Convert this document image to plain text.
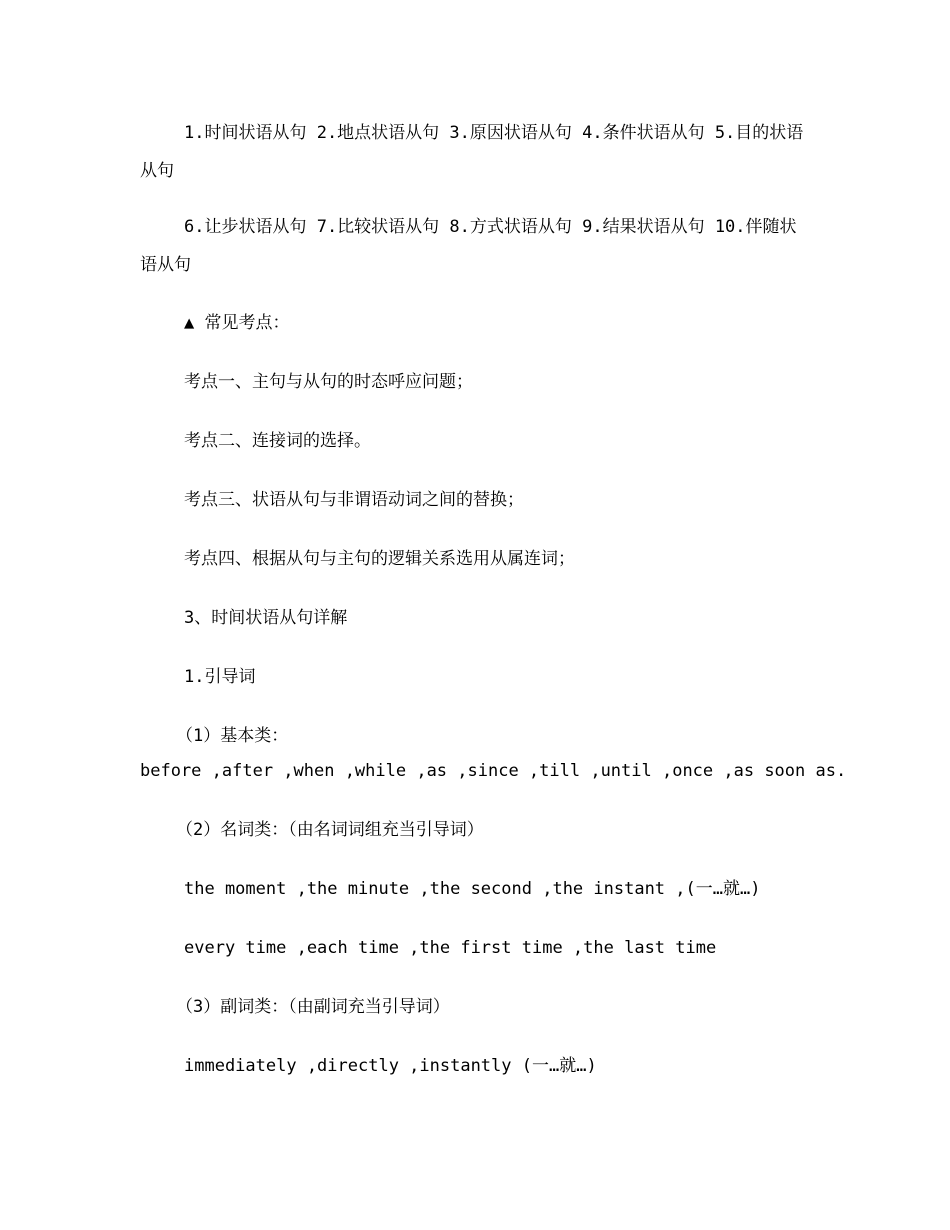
1.时间状语从句 2.地点状语从句 3.原因状语从句 4.条件状语从句 5.目的状语从句
6.让步状语从句 7.比较状语从句 8.方式状语从句 9.结果状语从句 10.伴随状语从句
▲ 常见考点：
考点一、主句与从句的时态呼应问题；
考点二、连接词的选择。
考点三、状语从句与非谓语动词之间的替换；
考点四、根据从句与主句的逻辑关系选用从属连词；
3、时间状语从句详解
1.引导词
（1）基本类：
before ,after ,when ,while ,as ,since ,till ,until ,once ,as soon as.
（2）名词类：（由名词词组充当引导词）
the moment ,the minute ,the second ,the instant ,(一…就…)
every time ,each time ,the first time ,the last time
（3）副词类：（由副词充当引导词）
immediately ,directly ,instantly (一…就…)
